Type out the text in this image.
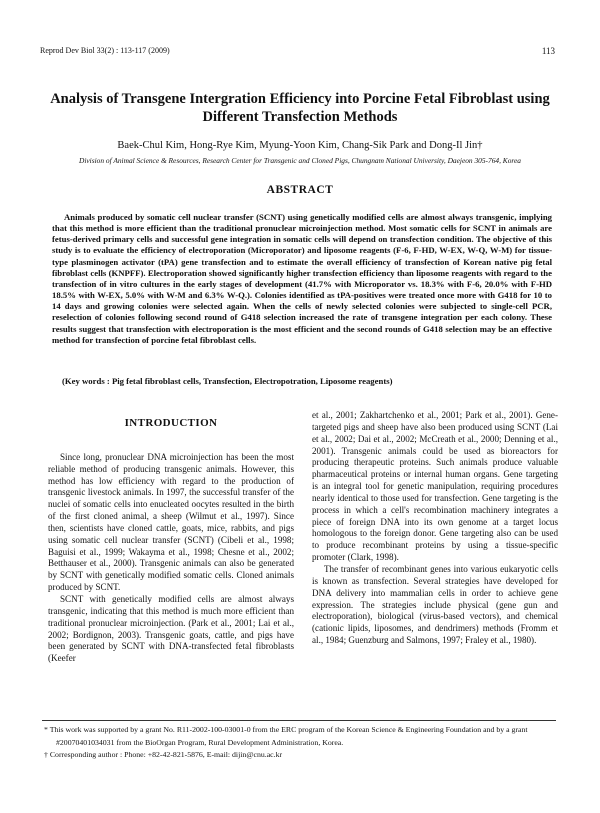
Reprod Dev Biol 33(2) : 113-117 (2009)	113
Analysis of Transgene Intergration Efficiency into Porcine Fetal Fibroblast using Different Transfection Methods
Baek-Chul Kim, Hong-Rye Kim, Myung-Yoon Kim, Chang-Sik Park and Dong-Il Jin†
Division of Animal Science & Resources, Research Center for Transgenic and Cloned Pigs, Chungnam National University, Daejeon 305-764, Korea
ABSTRACT

Animals produced by somatic cell nuclear transfer (SCNT) using genetically modified cells are almost always transgenic, implying that this method is more efficient than the traditional pronuclear microinjection method. Most somatic cells for SCNT in animals are fetus-derived primary cells and successful gene integration in somatic cells will depend on transfection condition. The objective of this study is to evaluate the efficiency of electroporation (Microporator) and liposome reagents (F-6, F-HD, W-EX, W-Q, W-M) for tissue-type plasminogen activator (tPA) gene transfection and to estimate the overall efficiency of transfection of Korean native pig fetal fibroblast cells (KNPFF). Electroporation showed significantly higher transfection efficiency than liposome reagents with regard to the transfection of in vitro cultures in the early stages of development (41.7% with Microporator vs. 18.3% with F-6, 20.0% with F-HD 18.5% with W-EX, 5.0% with W-M and 6.3% W-Q.). Colonies identified as tPA-positives were treated once more with G418 for 10 to 14 days and growing colonies were selected again. When the cells of newly selected colonies were subjected to single-cell PCR, reselection of colonies following second round of G418 selection increased the rate of transgene integration per each colony. These results suggest that transfection with electroporation is the most efficient and the second rounds of G418 selection may be an effective method for transfection of porcine fetal fibroblast cells.

(Key words : Pig fetal fibroblast cells, Transfection, Electropotration, Liposome reagents)
INTRODUCTION

Since long, pronuclear DNA microinjection has been the most reliable method of producing transgenic animals. However, this method has low efficiency with regard to the production of transgenic livestock animals. In 1997, the successful transfer of the nuclei of somatic cells into enucleated oocytes resulted in the birth of the first cloned animal, a sheep (Wilmut et al., 1997). Since then, scientists have cloned cattle, goats, mice, rabbits, and pigs using somatic cell nuclear transfer (SCNT) (Cibeli et al., 1998; Baguisi et al., 1999; Wakayma et al., 1998; Chesne et al., 2002; Betthauser et al., 2000). Transgenic animals can also be generated by SCNT with genetically modified somatic cells. Cloned animals produced by SCNT.

SCNT with genetically modified cells are almost always transgenic, indicating that this method is much more efficient than traditional pronuclear microinjection. (Park et al., 2001; Lai et al., 2002; Bordignon, 2003). Transgenic goats, cattle, and pigs have been generated by SCNT with DNA-transfected fetal fibroblasts (Keefer

et al., 2001; Zakhartchenko et al., 2001; Park et al., 2001). Gene-targeted pigs and sheep have also been produced using SCNT (Lai et al., 2002; Dai et al., 2002; McCreath et al., 2000; Denning et al., 2001). Transgenic animals could be used as bioreactors for producing therapeutic proteins. Such animals produce valuable pharmaceutical proteins or internal human organs. Gene targeting is an integral tool for genetic manipulation, requiring procedures nearly identical to those used for transfection. Gene targeting is the process in which a cell's recombination machinery integrates a piece of foreign DNA into its own genome at a target locus homologous to the foreign donor. Gene targeting also can be used to produce recombinant proteins by using a tissue-specific promoter (Clark, 1998).

The transfer of recombinant genes into various eukaryotic cells is known as transfection. Several strategies have developed for DNA delivery into mammalian cells in order to achieve gene expression. The strategies include physical (gene gun and electroporation), biological (virus-based vectors), and chemical (cationic lipids, liposomes, and dendrimers) methods (Fromm et al., 1984; Guenzburg and Salmons, 1997; Fraley et al., 1980).

* This work was supported by a grant No. R11-2002-100-03001-0 from the ERC program of the Korean Science & Engineering Foundation and by a grant #20070401034031 from the BioOrgan Program, Rural Development Administration, Korea.

† Corresponding author : Phone: +82-42-821-5876, E-mail: dijin@cnu.ac.kr
